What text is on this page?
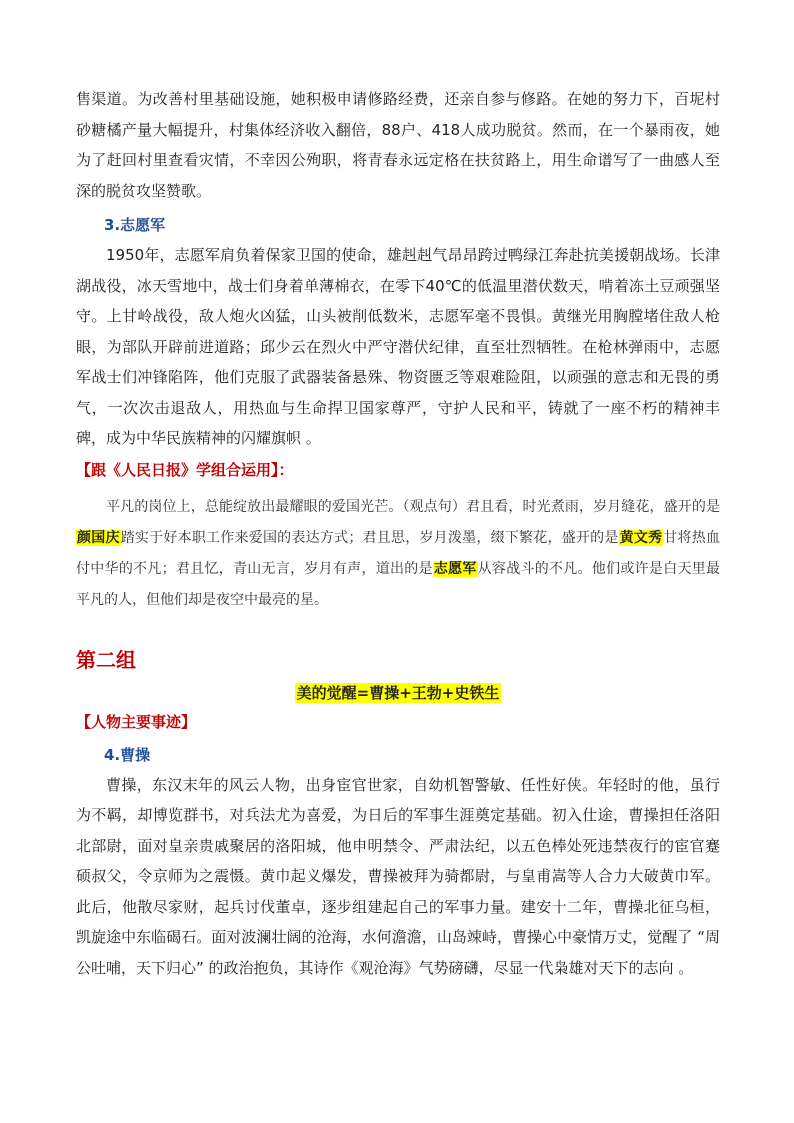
售渠道。为改善村里基础设施，她积极申请修路经费，还亲自参与修路。在她的努力下，百坭村砂糖橘产量大幅提升，村集体经济收入翻倍，88户、418人成功脱贫。然而，在一个暴雨夜，她为了赶回村里查看灾情，不幸因公殉职，将青春永远定格在扶贫路上，用生命谱写了一曲感人至深的脱贫攻坚赞歌。

3.志愿军

1950年，志愿军肩负着保家卫国的使命，雄赳赳气昂昂跨过鸭绿江奔赴抗美援朝战场。长津湖战役，冰天雪地中，战士们身着单薄棉衣，在零下40℃的低温里潜伏数天，啃着冻土豆顽强坚守。上甘岭战役，敌人炮火凶猛，山头被削低数米，志愿军毫不畏惧。黄继光用胸膛堵住敌人枪眼，为部队开辟前进道路；邱少云在烈火中严守潜伏纪律，直至壮烈牺牲。在枪林弹雨中，志愿军战士们冲锋陷阵，他们克服了武器装备悬殊、物资匮乏等艰难险阻，以顽强的意志和无畏的勇气，一次次击退敌人，用热血与生命捍卫国家尊严，守护人民和平，铸就了一座不朽的精神丰碑，成为中华民族精神的闪耀旗帜 。

【跟《人民日报》学组合运用】：

平凡的岗位上，总能绽放出最耀眼的爱国光芒。（观点句）君且看，时光煮雨，岁月缝花，盛开的是颜国庆踏实于好本职工作来爱国的表达方式；君且思，岁月泼墨，缀下繁花，盛开的是黄文秀甘将热血付中华的不凡；君且忆，青山无言，岁月有声，道出的是志愿军从容战斗的不凡。他们或许是白天里最平凡的人，但他们却是夜空中最亮的星。

第二组

美的觉醒=曹操+王勃+史铁生

【人物主要事迹】

4.曹操

曹操，东汉末年的风云人物，出身宦官世家，自幼机智警敏、任性好侠。年轻时的他，虽行为不羁，却博览群书，对兵法尤为喜爱，为日后的军事生涯奠定基础。初入仕途，曹操担任洛阳北部尉，面对皇亲贵戚聚居的洛阳城，他申明禁令、严肃法纪，以五色棒处死违禁夜行的宦官蹇硕叔父，令京师为之震慑。黄巾起义爆发，曹操被拜为骑都尉，与皇甫嵩等人合力大破黄巾军。此后，他散尽家财，起兵讨伐董卓，逐步组建起自己的军事力量。建安十二年，曹操北征乌桓，凯旋途中东临碣石。面对波澜壮阔的沧海，水何澹澹，山岛竦峙，曹操心中豪情万丈，觉醒了 “周公吐哺，天下归心” 的政治抱负，其诗作《观沧海》气势磅礴，尽显一代枭雄对天下的志向 。
